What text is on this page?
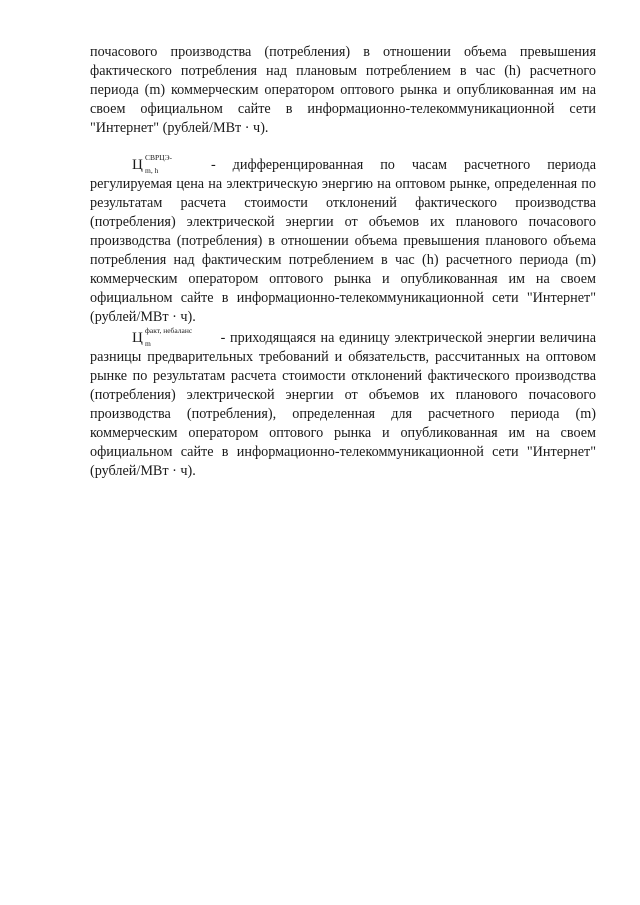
почасового производства (потребления) в отношении объема превышения фактического потребления над плановым потреблением в час (h) расчетного периода (m) коммерческим оператором оптового рынка и опубликованная им на своем официальном сайте в информационно-телекоммуникационной сети "Интернет" (рублей/МВт · ч).

Ц СВРЦЭ-
m, h	- дифференцированная по часам расчетного периода регулируемая цена на электрическую энергию на оптовом рынке, определенная по результатам расчета стоимости отклонений фактического производства (потребления) электрической энергии от объемов их планового почасового производства (потребления) в отношении объема превышения планового объема потребления над фактическим потреблением в час (h) расчетного периода (m) коммерческим оператором оптового рынка и опубликованная им на своем официальном сайте в информационно-телекоммуникационной сети "Интернет" (рублей/МВт · ч).

Ц факт, небаланс
m	- приходящаяся на единицу электрической энергии величина разницы предварительных требований и обязательств, рассчитанных на оптовом рынке по результатам расчета стоимости отклонений фактического производства (потребления) электрической энергии от объемов их планового почасового производства (потребления), определенная для расчетного периода (m) коммерческим оператором оптового рынка и опубликованная им на своем официальном сайте в информационно-телекоммуникационной сети "Интернет" (рублей/МВт · ч).
